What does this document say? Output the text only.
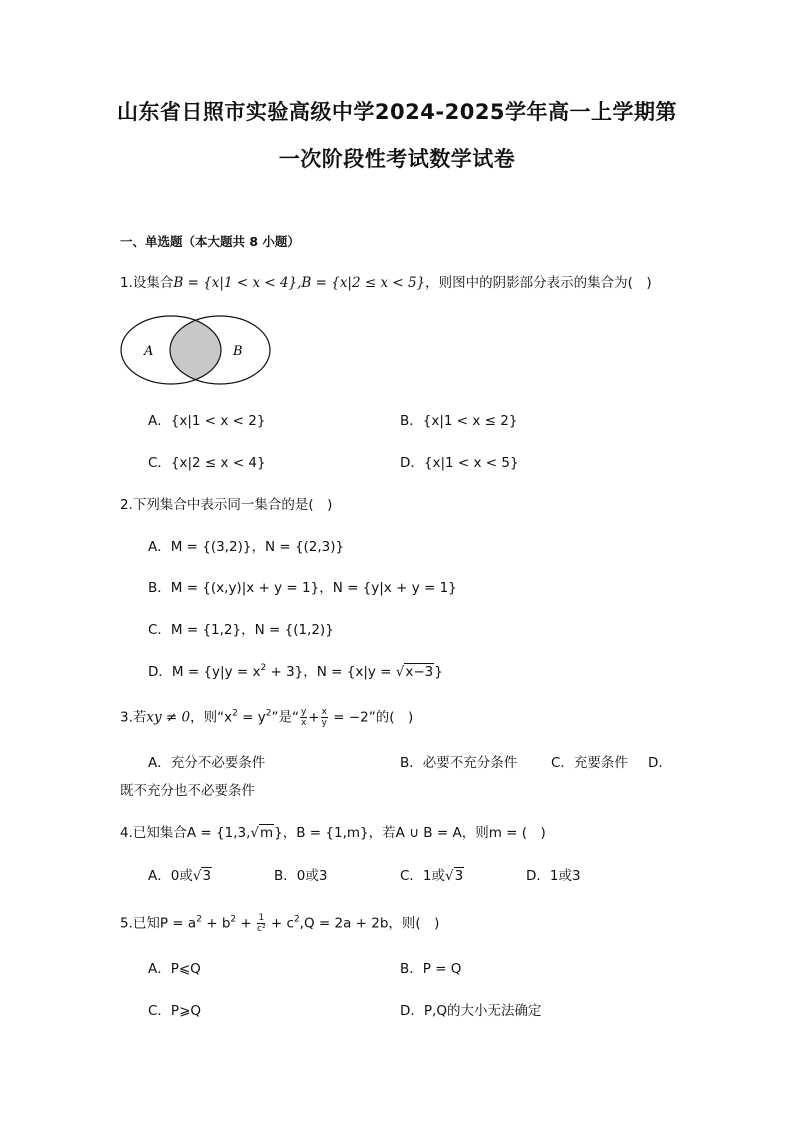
山东省日照市实验高级中学2024-2025学年高一上学期第
一次阶段性考试数学试卷
一、单选题（本大题共 8 小题）
1.设集合B = {x|1 < x < 4},B = {x|2 ≤ x < 5}，则图中的阴影部分表示的集合为(　)
A	B
A．{x|1 < x < 2}	B．{x|1 < x ≤ 2}
C．{x|2 ≤ x < 4}	D．{x|1 < x < 5}
2.下列集合中表示同一集合的是(　)
A．M = {(3,2)}，N = {(2,3)}
B．M = {(x,y)|x + y = 1}，N = {y|x + y = 1}
C．M = {1,2}，N = {(1,2)}
D．$M = \{y|y = x^2 + 3\}$，N = {x|y = √x−3}
3.若xy ≠ 0，则“$x^2 = y^2$”是“ $\frac{y}{x} + \frac{x}{y} = -2$”的(　)
A．充分不必要条件	B．必要不充分条件 C．充要条件 D．
既不充分也不必要条件
4.已知集合A = {1,3,√m}，B = {1,m}，若A ∪ B = A，则m = (　)
A．0或√3	B．0或3	C．1或√3	D．1或3
5.已知$P = a^2 + b^2 + \frac{1}{\text{c²}} + c^2,Q = 2a + 2b$，则(　)
A．P⩽Q	B．P = Q
C．P⩾Q	D．P,Q的大小无法确定
